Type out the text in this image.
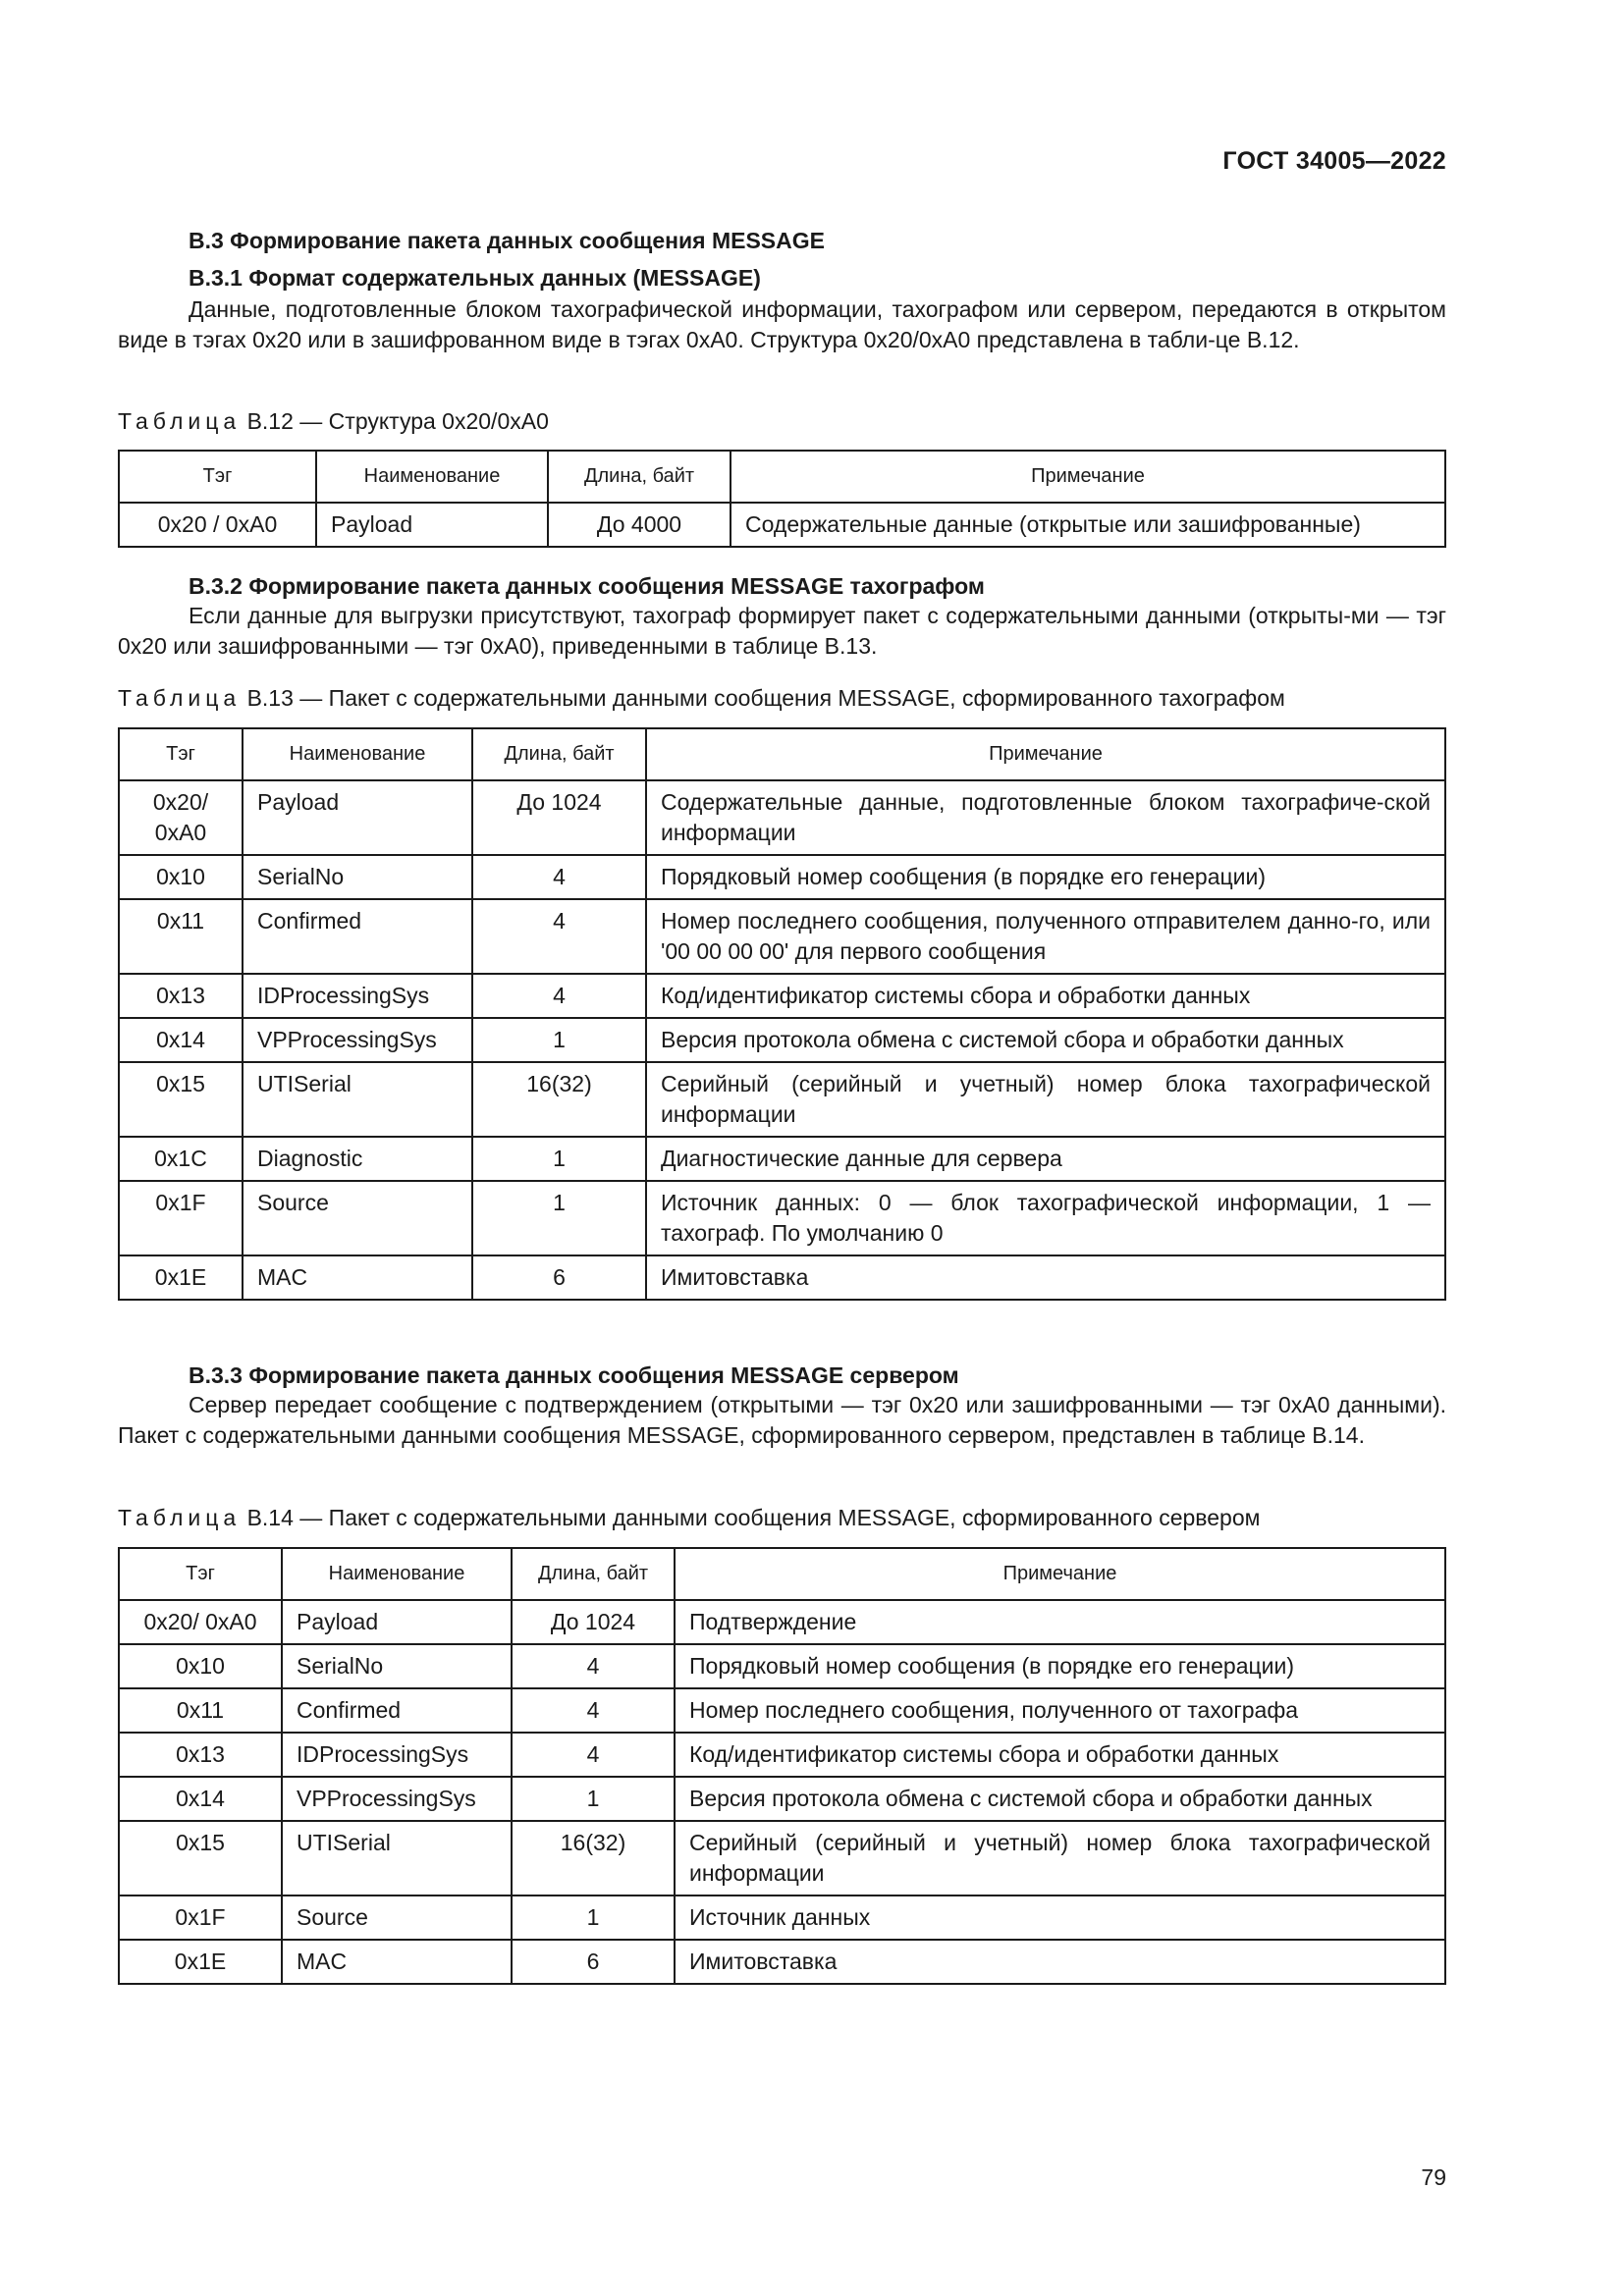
ГОСТ 34005—2022
В.3 Формирование пакета данных сообщения MESSAGE
В.3.1 Формат содержательных данных (MESSAGE)

Данные, подготовленные блоком тахографической информации, тахографом или сервером, передаются в открытом виде в тэгах 0x20 или в зашифрованном виде в тэгах 0xA0. Структура 0x20/0xA0 представлена в табли-це В.12.

Таблица В.12 — Структура 0x20/0xA0
Тэг	Наименование	Длина, байт	Примечание
0x20 / 0xA0	Payload	До 4000	Содержательные данные (открытые или зашифрованные)
В.3.2 Формирование пакета данных сообщения MESSAGE тахографом

Если данные для выгрузки присутствуют, тахограф формирует пакет с содержательными данными (открыты-ми — тэг 0x20 или зашифрованными — тэг 0xA0), приведенными в таблице В.13.

Таблица В.13 — Пакет с содержательными данными сообщения MESSAGE, сформированного тахографом
Тэг	Наименование	Длина, байт	Примечание
0x20/ 0xA0	Payload	До 1024	Содержательные данные, подготовленные блоком тахографиче-ской информации
0x10	SerialNo	4	Порядковый номер сообщения (в порядке его генерации)
0x11	Confirmed	4	Номер последнего сообщения, полученного отправителем данно-го, или '00 00 00 00' для первого сообщения
0x13	IDProcessingSys	4	Код/идентификатор системы сбора и обработки данных
0x14	VPProcessingSys	1	Версия протокола обмена с системой сбора и обработки данных
0x15	UTISerial	16(32)	Серийный (серийный и учетный) номер блока тахографической информации
0x1C	Diagnostic	1	Диагностические данные для сервера
0x1F	Source	1	Источник данных: 0 — блок тахографической информации, 1 — тахограф. По умолчанию 0
0x1E	MAC	6	Имитовставка
В.3.3 Формирование пакета данных сообщения MESSAGE сервером

Сервер передает сообщение с подтверждением (открытыми — тэг 0x20 или зашифрованными — тэг 0xA0 данными). Пакет с содержательными данными сообщения MESSAGE, сформированного сервером, представлен в таблице В.14.

Таблица В.14 — Пакет с содержательными данными сообщения MESSAGE, сформированного сервером
Тэг	Наименование	Длина, байт	Примечание
0x20/ 0xA0	Payload	До 1024	Подтверждение
0x10	SerialNo	4	Порядковый номер сообщения (в порядке его генерации)
0x11	Confirmed	4	Номер последнего сообщения, полученного от тахографа
0x13	IDProcessingSys	4	Код/идентификатор системы сбора и обработки данных
0x14	VPProcessingSys	1	Версия протокола обмена с системой сбора и обработки данных
0x15	UTISerial	16(32)	Серийный (серийный и учетный) номер блока тахографической информации
0x1F	Source	1	Источник данных
0x1E	MAC	6	Имитовставка
79
